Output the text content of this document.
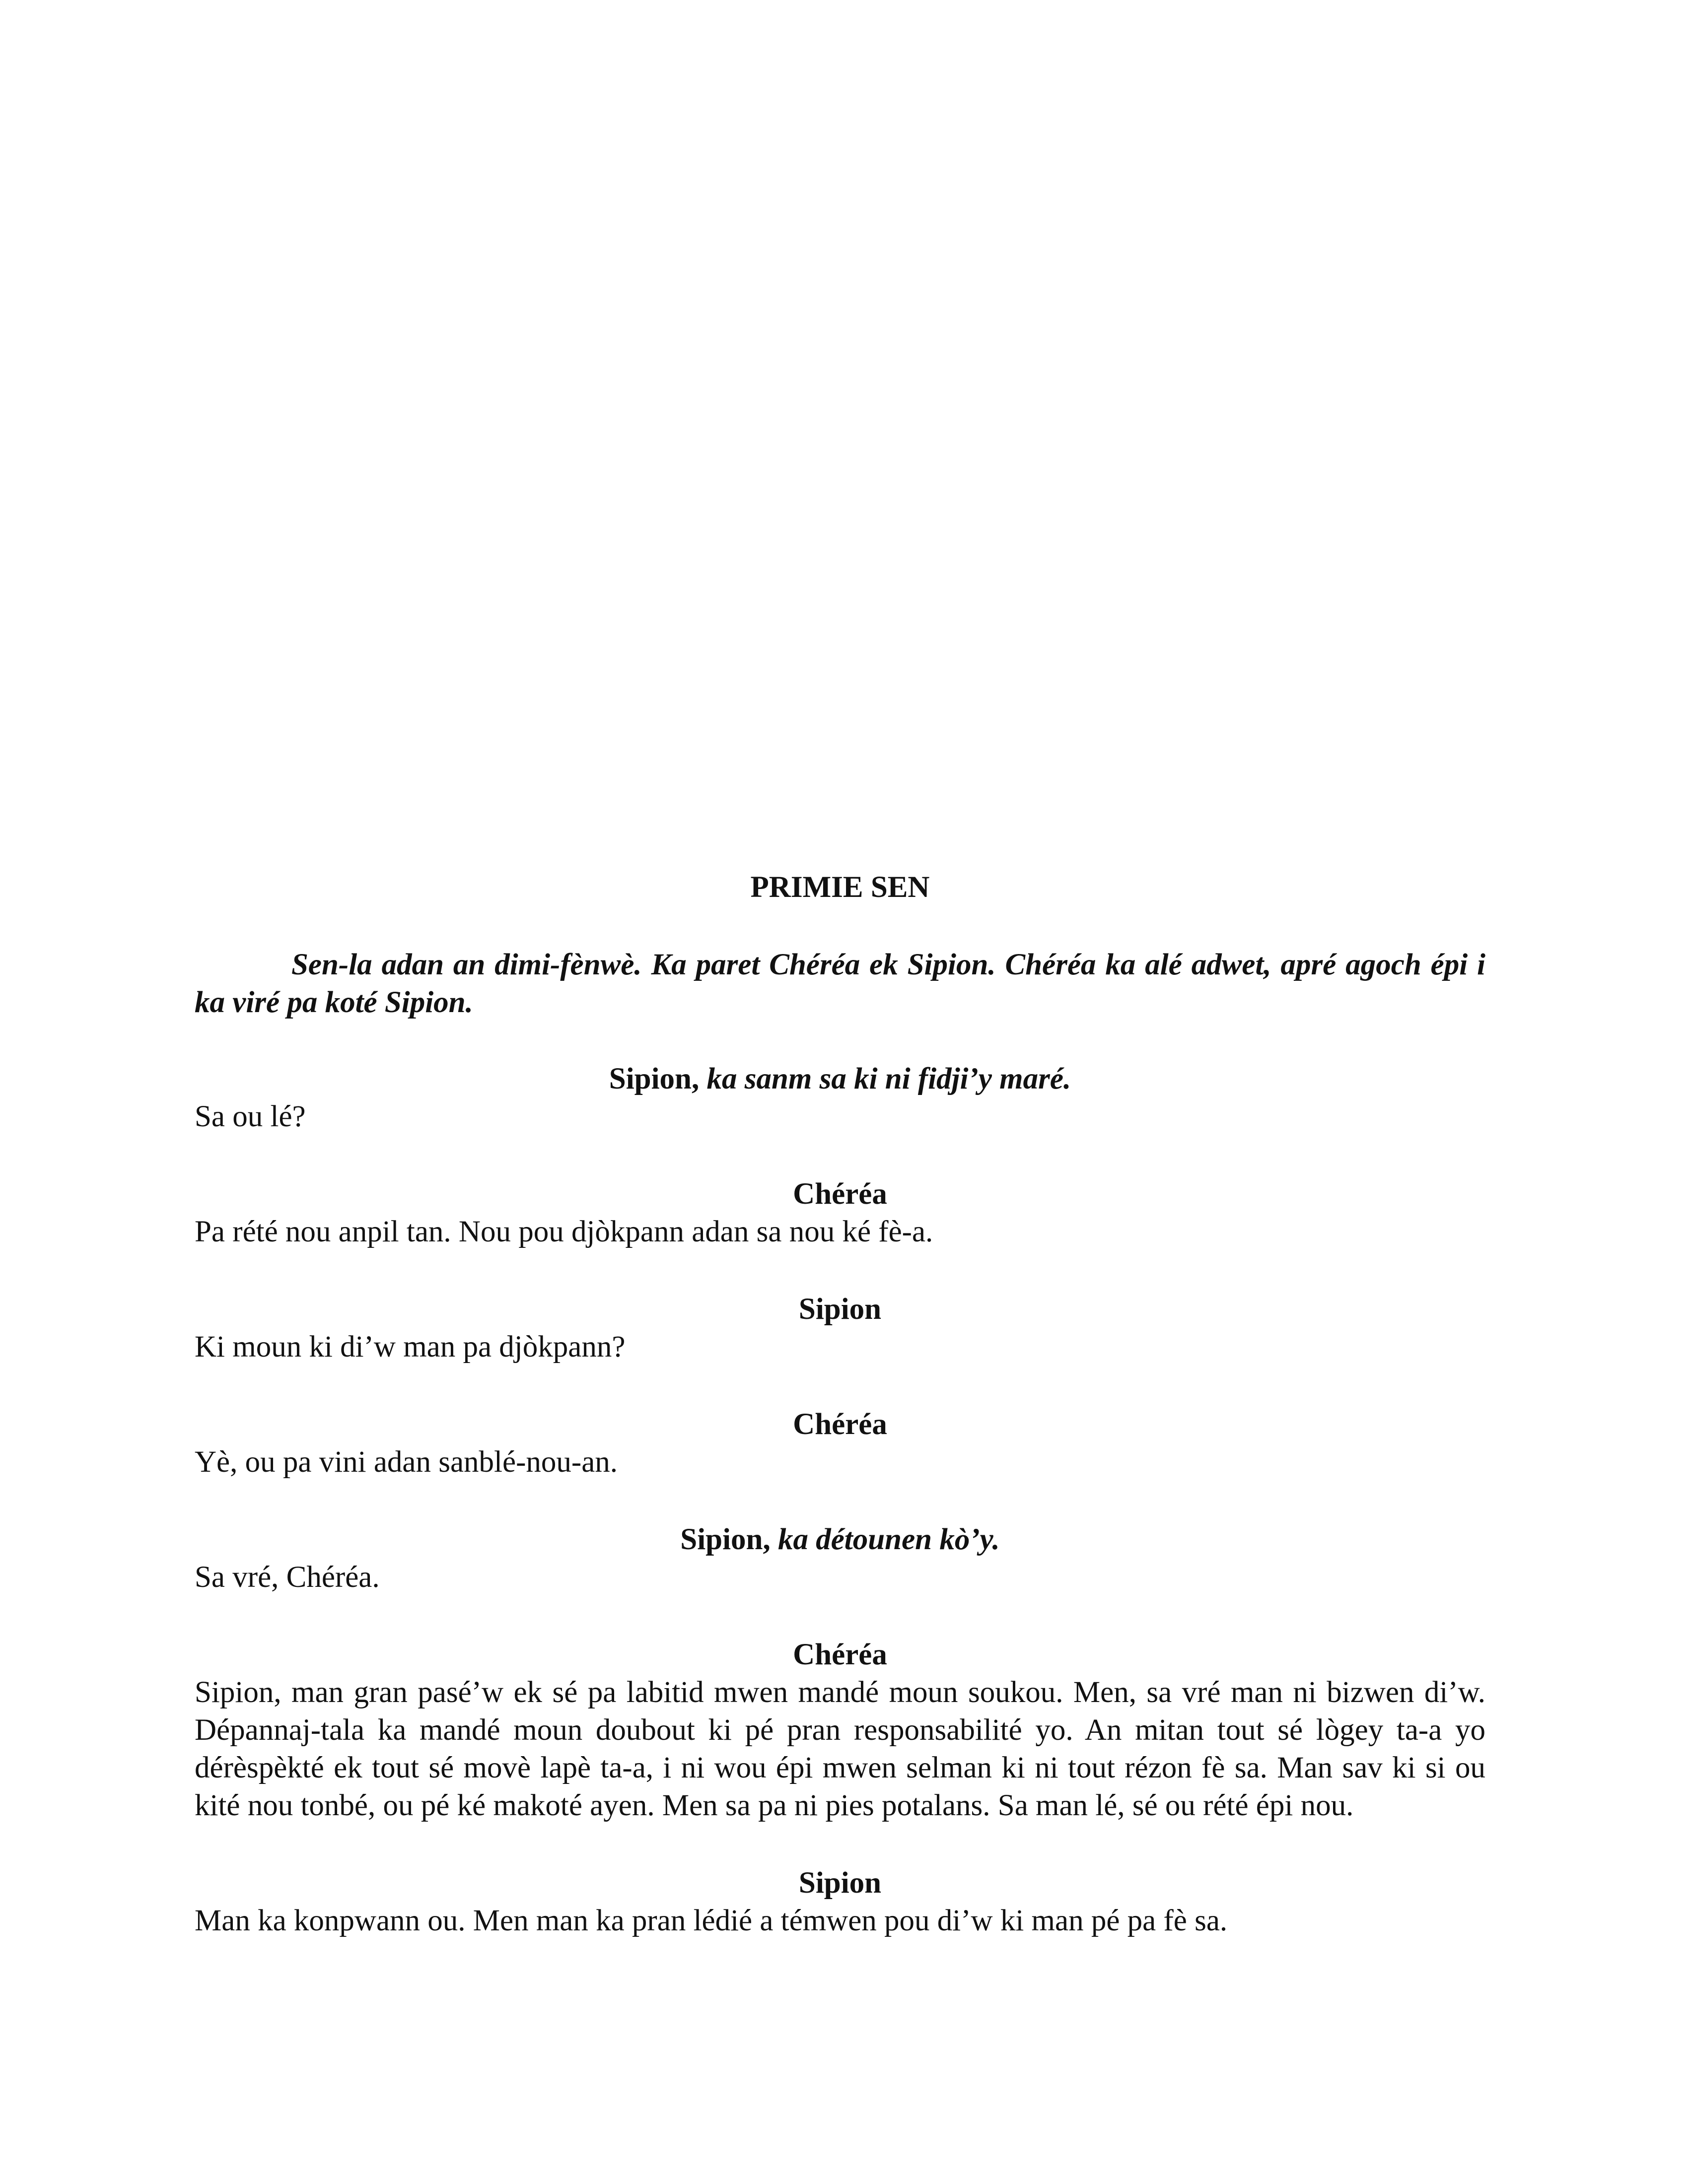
PRIMIE SEN
Sen-la adan an dimi-fènwè. Ka paret Chéréa ek Sipion. Chéréa ka alé adwet, apré agoch épi i ka viré pa koté Sipion.
Sipion, ka sanm sa ki ni fidji’y maré.
Sa ou lé?
Chéréa
Pa rété nou anpil tan. Nou pou djòkpann adan sa nou ké fè-a.
Sipion
Ki moun ki di’w man pa djòkpann?
Chéréa
Yè, ou pa vini adan sanblé-nou-an.
Sipion, ka détounen kò’y.
Sa vré, Chéréa.
Chéréa
Sipion, man gran pasé’w ek sé pa labitid mwen mandé moun soukou. Men, sa vré man ni bizwen di’w. Dépannaj-tala ka mandé moun doubout ki pé pran responsabilité yo. An mitan tout sé lògey ta-a yo dérèspèkté ek tout sé movè lapè ta-a, i ni wou épi mwen selman ki ni tout rézon fè sa. Man sav ki si ou kité nou tonbé, ou pé ké makoté ayen. Men sa pa ni pies potalans. Sa man lé, sé ou rété épi nou.
Sipion
Man ka konpwann ou. Men man ka pran lédié a témwen pou di’w ki man pé pa fè sa.
